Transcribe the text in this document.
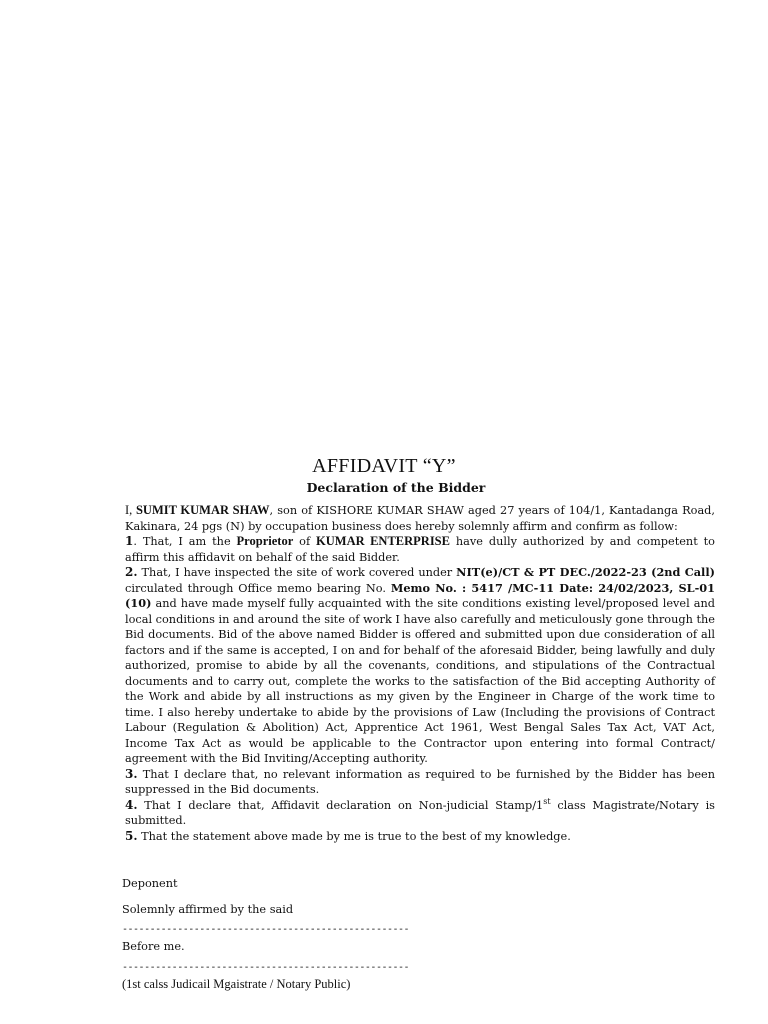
AFFIDAVIT “Y”
Declaration of the Bidder

I, SUMIT KUMAR SHAW, son of KISHORE KUMAR SHAW aged 27 years of 104/1, Kantadanga Road, Kakinara, 24 pgs (N) by occupation business does hereby solemnly affirm and confirm as follow:

1. That, I am the Proprietor of KUMAR ENTERPRISE have dully authorized by and competent to affirm this affidavit on behalf of the said Bidder.

2. That, I have inspected the site of work covered under NIT(e)/CT & PT DEC./2022-23 (2nd Call) circulated through Office memo bearing No. Memo No. : 5417 /MC-11 Date: 24/02/2023, SL-01 (10) and have made myself fully acquainted with the site conditions existing level/proposed level and local conditions in and around the site of work I have also carefully and meticulously gone through the Bid documents. Bid of the above named Bidder is offered and submitted upon due consideration of all factors and if the same is accepted, I on and for behalf of the aforesaid Bidder, being lawfully and duly authorized, promise to abide by all the covenants, conditions, and stipulations of the Contractual documents and to carry out, complete the works to the satisfaction of the Bid accepting Authority of the Work and abide by all instructions as my given by the Engineer in Charge of the work time to time. I also hereby undertake to abide by the provisions of Law (Including the provisions of Contract Labour (Regulation & Abolition) Act, Apprentice Act 1961, West Bengal Sales Tax Act, VAT Act, Income Tax Act as would be applicable to the Contractor upon entering into formal Contract/ agreement with the Bid Inviting/Accepting authority.

3. That I declare that, no relevant information as required to be furnished by the Bidder has been suppressed in the Bid documents.

4. That I declare that, Affidavit declaration on Non-judicial Stamp/1st class Magistrate/Notary is submitted.

5. That the statement above made by me is true to the best of my knowledge.

Deponent
Solemnly affirmed by the said
----------------------------------------------------
Before me.
----------------------------------------------------
(1st calss Judicail Mgaistrate / Notary Public)
